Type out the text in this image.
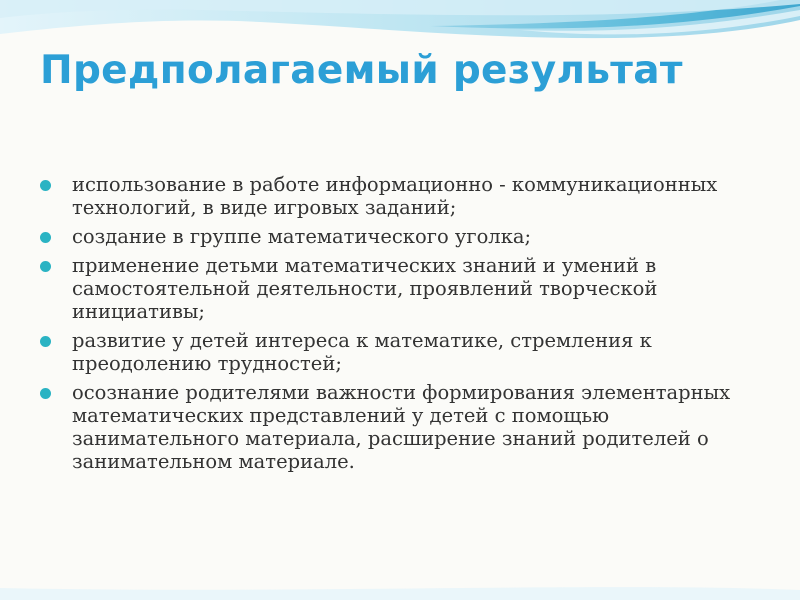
Предполагаемый результат
использование в работе информационно - коммуникационных технологий, в виде игровых заданий;
создание в группе математического уголка;
применение детьми математических знаний и умений в самостоятельной деятельности, проявлений творческой инициативы;
развитие у детей интереса к математике, стремления к преодолению трудностей;
осознание родителями важности формирования элементарных математических представлений у детей с помощью занимательного материала, расширение знаний родителей о занимательном материале.
